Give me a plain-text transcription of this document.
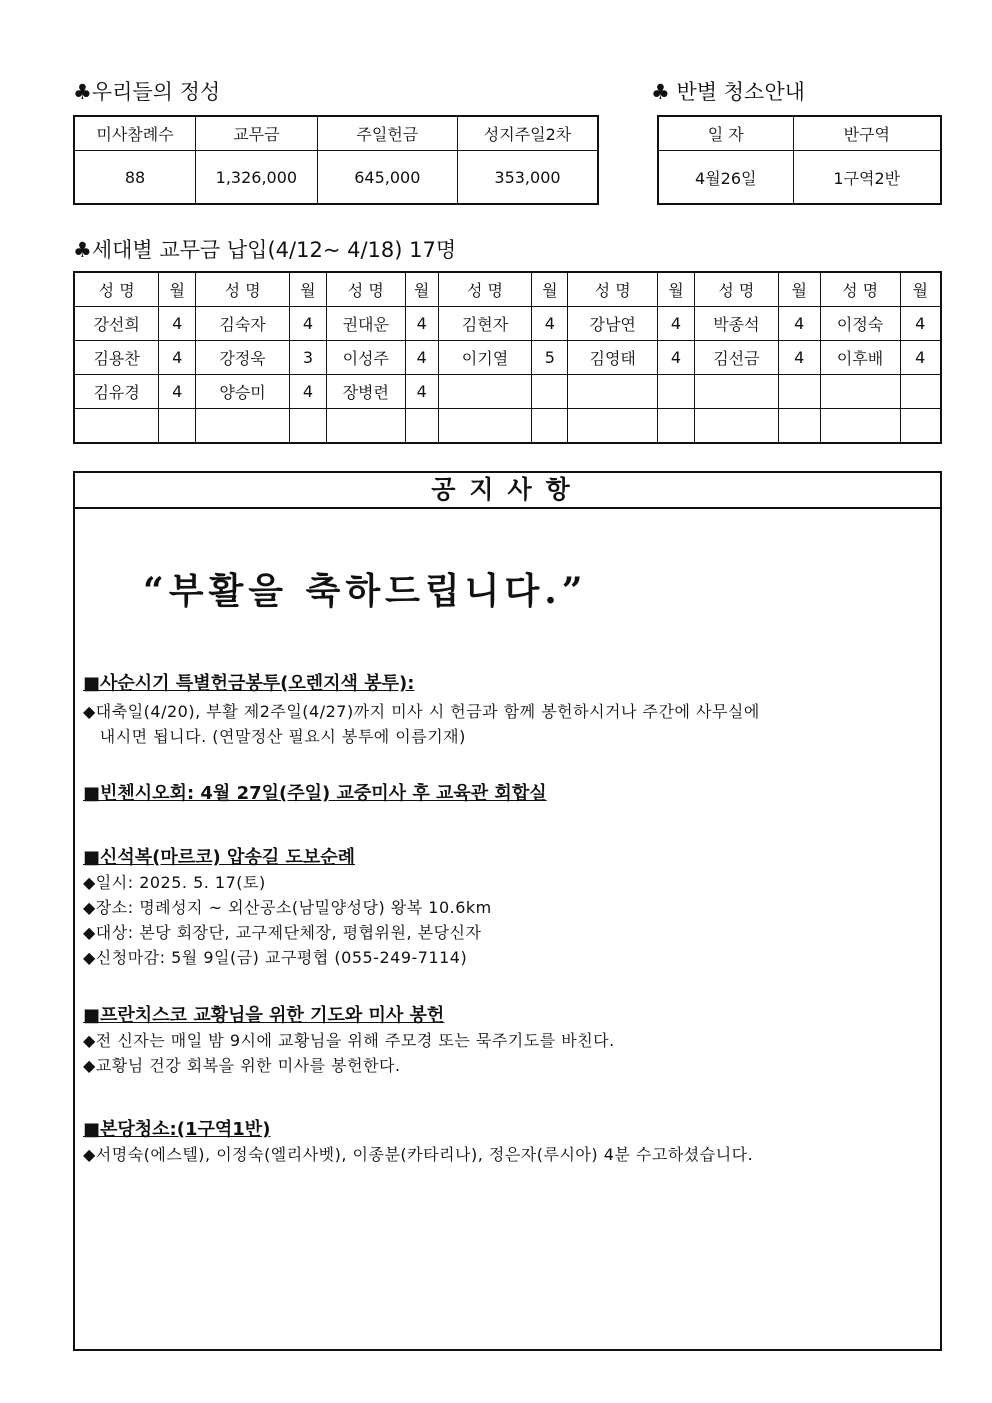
♣우리들의 정성
미사참례수	교무금	주일헌금	성지주일2차
88	1,326,000	645,000	353,000
♣ 반별 청소안내
일 자	반구역
4월26일	1구역2반
♣세대별 교무금 납입(4/12~ 4/18) 17명
성 명	월	성 명	월	성 명	월	성 명	월	성 명	월	성 명	월	성 명	월
강선희	4	김숙자	4	권대운	4	김현자	4	강남연	4	박종석	4	이정숙	4
김용찬	4	강정욱	3	이성주	4	이기열	5	김영태	4	김선금	4	이후배	4
김유경	4	양승미	4	장병련	4								

공지사항
“부활을 축하드립니다.”
■사순시기 특별헌금봉투(오렌지색 봉투):
◆대축일(4/20), 부활 제2주일(4/27)까지 미사 시 헌금과 함께 봉헌하시거나 주간에 사무실에
내시면 됩니다. (연말정산 필요시 봉투에 이름기재)
■빈첸시오회: 4월 27일(주일) 교중미사 후 교육관 회합실
■신석복(마르코) 압송길 도보순례
◆일시: 2025. 5. 17(토)
◆장소: 명례성지 ~ 외산공소(남밀양성당) 왕복 10.6km
◆대상: 본당 회장단, 교구제단체장, 평협위원, 본당신자
◆신청마감: 5월 9일(금) 교구평협 (055-249-7114)
■프란치스코 교황님을 위한 기도와 미사 봉헌
◆전 신자는 매일 밤 9시에 교황님을 위해 주모경 또는 묵주기도를 바친다.
◆교황님 건강 회복을 위한 미사를 봉헌한다.
■본당청소:(1구역1반)
◆서명숙(에스텔), 이정숙(엘리사벳), 이종분(카타리나), 정은자(루시아) 4분 수고하셨습니다.
